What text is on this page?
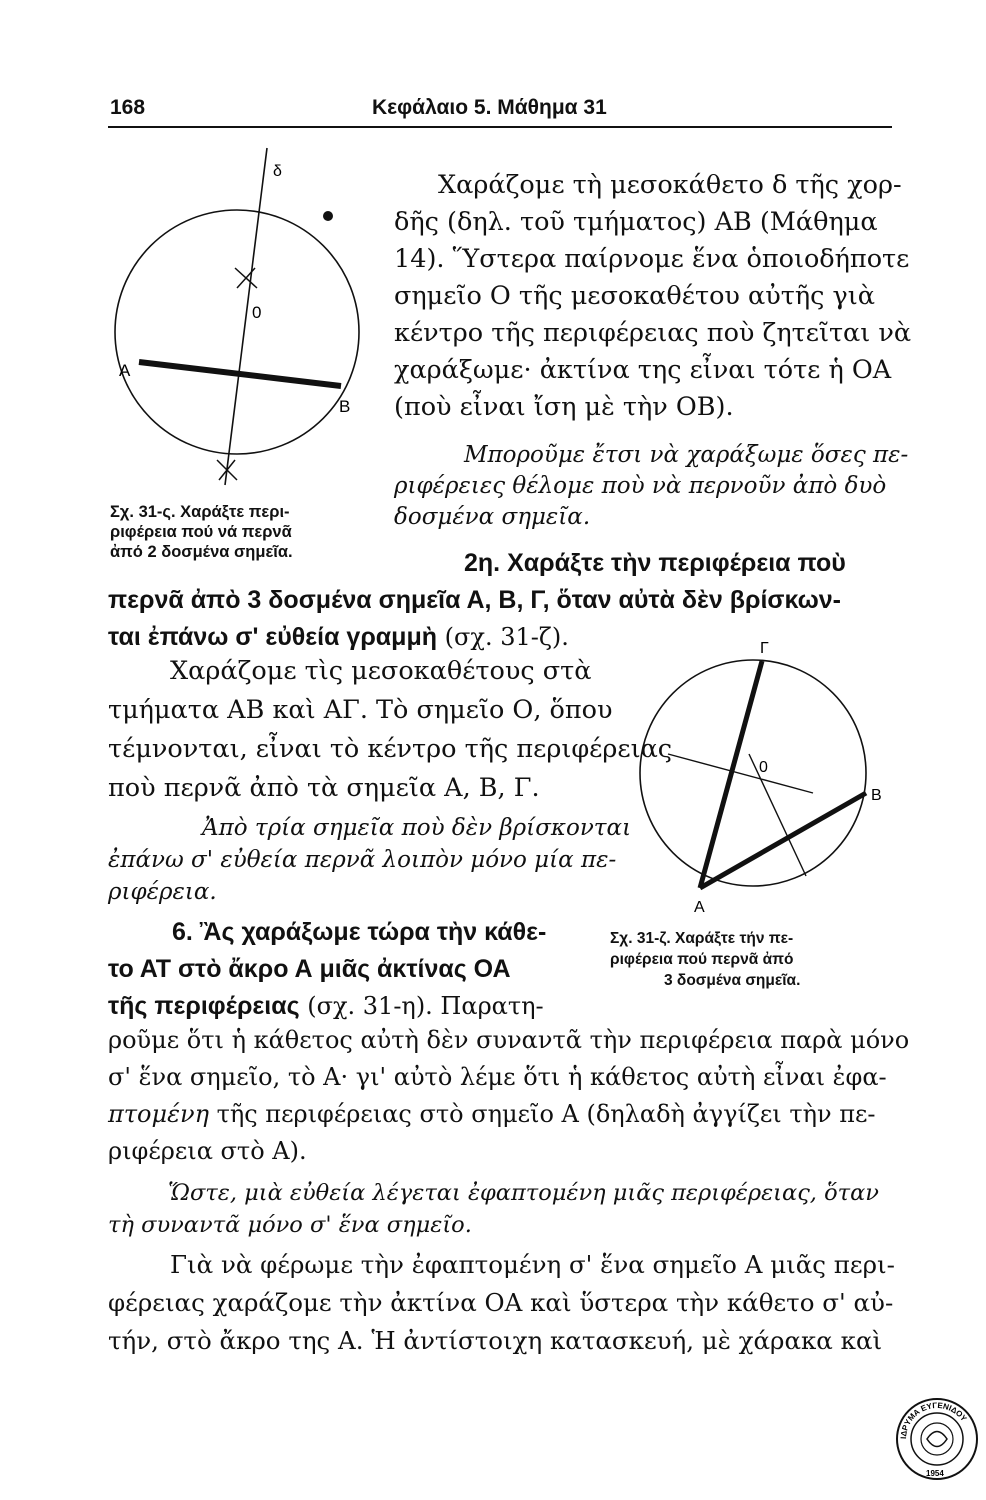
168	Κεφάλαιο 5. Μάθημα 31
δ
0
Α
Β
Σχ. 31-ς. Χαράξτε περι-
ριφέρεια πού νά περνᾶ
ἀπό 2 δοσμένα σημεῖα.
Χαράζομε τὴ μεσοκάθετο δ τῆς χορ-
δῆς (δηλ. τοῦ τμήματος) ΑΒ (Μάθημα
14). Ὕστερα παίρνομε ἕνα ὁποιοδήποτε
σημεῖο Ο τῆς μεσοκαθέτου αὐτῆς γιὰ
κέντρο τῆς περιφέρειας ποὺ ζητεῖται νὰ
χαράξωμε· ἀκτίνα της εἶναι τότε ἡ ΟΑ
(ποὺ εἶναι ἴση μὲ τὴν ΟΒ).
Μποροῦμε ἔτσι νὰ χαράξωμε ὅσες πε-
ριφέρειες θέλομε ποὺ νὰ περνοῦν ἀπὸ δυὸ
δοσμένα σημεῖα.
2η. Χαράξτε τὴν περιφέρεια ποὺ
περνᾶ ἀπὸ 3 δοσμένα σημεῖα Α, Β, Γ, ὅταν αὐτὰ δὲν βρίσκων-
ται ἐπάνω σ' εὐθεία γραμμὴ (σχ. 31-ζ).
Χαράζομε τὶς μεσοκαθέτους στὰ
τμήματα ΑΒ καὶ ΑΓ. Τὸ σημεῖο Ο, ὅπου
τέμνονται, εἶναι τὸ κέντρο τῆς περιφέρειας
ποὺ περνᾶ ἀπὸ τὰ σημεῖα Α, Β, Γ.
Ἀπὸ τρία σημεῖα ποὺ δὲν βρίσκονται
ἐπάνω σ' εὐθεία περνᾶ λοιπὸν μόνο μία πε-
ριφέρεια.
Γ
0
Β
Α
Σχ. 31-ζ. Χαράξτε τήν πε-
ριφέρεια πού περνᾶ ἀπό
3 δοσμένα σημεῖα.
6. Ἂς χαράξωμε τώρα τὴν κάθε-
το ΑΤ στὸ ἄκρο Α μιᾶς ἀκτίνας ΟΑ
τῆς περιφέρειας (σχ. 31-η). Παρατη-
ροῦμε ὅτι ἡ κάθετος αὐτὴ δὲν συναντᾶ τὴν περιφέρεια παρὰ μόνο
σ' ἕνα σημεῖο, τὸ Α· γι' αὐτὸ λέμε ὅτι ἡ κάθετος αὐτὴ εἶναι ἐφα-
πτομένη τῆς περιφέρειας στὸ σημεῖο Α (δηλαδὴ ἀγγίζει τὴν πε-
ριφέρεια στὸ Α).
Ὥστε, μιὰ εὐθεία λέγεται ἐφαπτομένη μιᾶς περιφέρειας, ὅταν
τὴ συναντᾶ μόνο σ' ἕνα σημεῖο.
Γιὰ νὰ φέρωμε τὴν ἐφαπτομένη σ' ἕνα σημεῖο Α μιᾶς περι-
φέρειας χαράζομε τὴν ἀκτίνα ΟΑ καὶ ὕστερα τὴν κάθετο σ' αὐ-
τήν, στὸ ἄκρο της Α. Ἡ ἀντίστοιχη κατασκευή, μὲ χάρακα καὶ
ΙΔΡΥΜΑ ΕΥΓΕΝΙΔΟΥ
1954
